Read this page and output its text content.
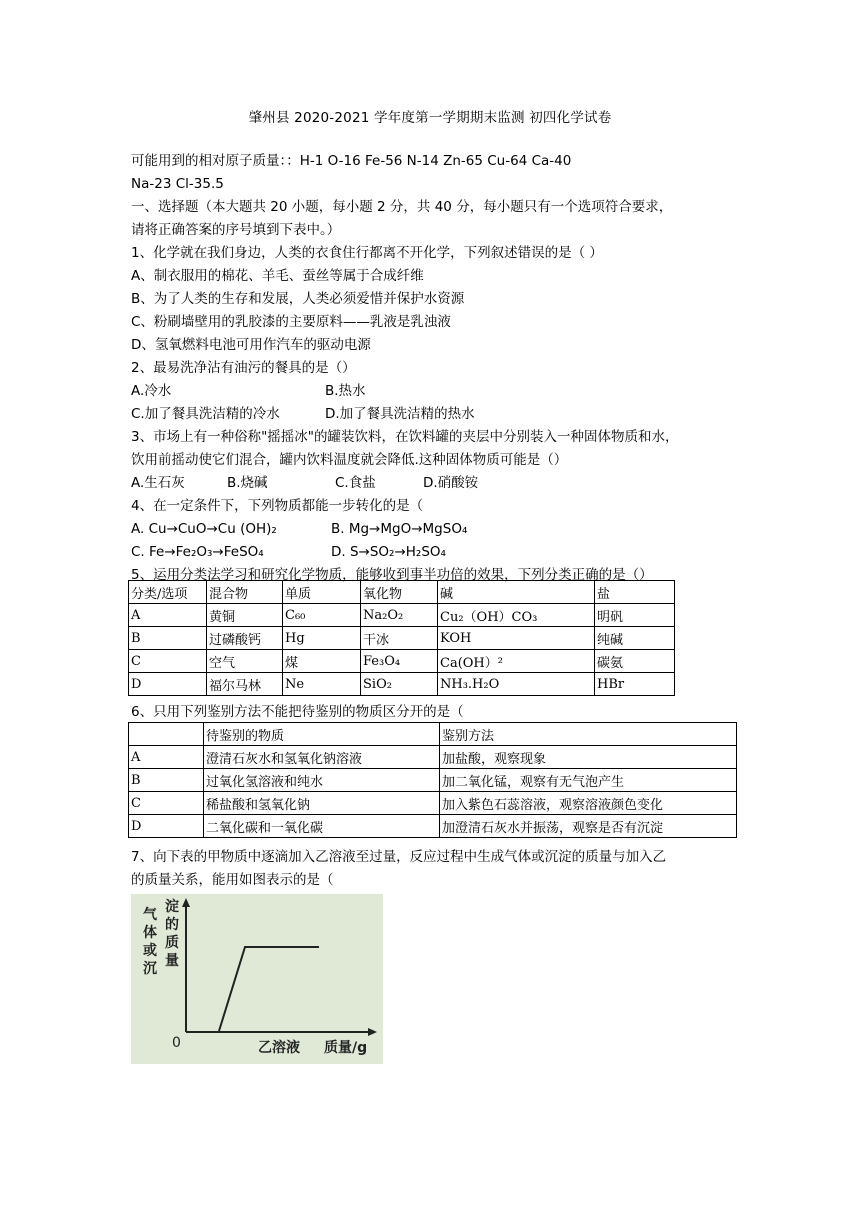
肇州县 2020-2021 学年度第一学期期末监测 初四化学试卷
可能用到的相对原子质量：：H-1 O-16 Fe-56 N-14 Zn-65 Cu-64 Ca-40
Na-23 Cl-35.5
一、选择题（本大题共 20 小题，每小题 2 分，共 40 分，每小题只有一个选项符合要求，
请将正确答案的序号填到下表中。）
1、化学就在我们身边，人类的衣食住行都离不开化学，下列叙述错误的是（ ）
A、制衣服用的棉花、羊毛、蚕丝等属于合成纤维
B、为了人类的生存和发展，人类必须爱惜并保护水资源
C、粉刷墙壁用的乳胶漆的主要原料——乳液是乳浊液
D、氢氧燃料电池可用作汽车的驱动电源
2、最易洗净沾有油污的餐具的是（）
A.冷水	B.热水
C.加了餐具洗洁精的冷水	D.加了餐具洗洁精的热水
3、市场上有一种俗称"摇摇冰"的罐装饮料，在饮料罐的夹层中分别装入一种固体物质和水，
饮用前摇动使它们混合，罐内饮料温度就会降低.这种固体物质可能是（）
A.生石灰	B.烧碱	C.食盐	D.硝酸铵
4、在一定条件下，下列物质都能一步转化的是（
A. Cu→CuO→Cu (OH)₂	B. Mg→MgO→MgSO₄
C. Fe→Fe₂O₃→FeSO₄	D. S→SO₂→H₂SO₄
5、运用分类法学习和研究化学物质，能够收到事半功倍的效果，下列分类正确的是（）
分类/选项	混合物	单质	氧化物	碱	盐
A	黄铜	C₆₀	Na₂O₂	Cu₂（OH）CO₃	明矾
B	过磷酸钙	Hg	干冰	KOH	纯碱
C	空气	煤	Fe₃O₄	Ca(OH）²	碳氨
D	福尔马林	Ne	SiO₂	NH₃.H₂O	HBr
6、只用下列鉴别方法不能把待鉴别的物质区分开的是（
	待鉴别的物质	鉴别方法
A	澄清石灰水和氢氧化钠溶液	加盐酸，观察现象
B	过氧化氢溶液和纯水	加二氧化锰，观察有无气泡产生
C	稀盐酸和氢氧化钠	加入紫色石蕊溶液，观察溶液颜色变化
D	二氧化碳和一氧化碳	加澄清石灰水并振荡，观察是否有沉淀
7、向下表的甲物质中逐滴加入乙溶液至过量，反应过程中生成气体或沉淀的质量与加入乙
的质量关系，能用如图表示的是（
气体或沉
淀的质量
0	乙溶液 质量/g
